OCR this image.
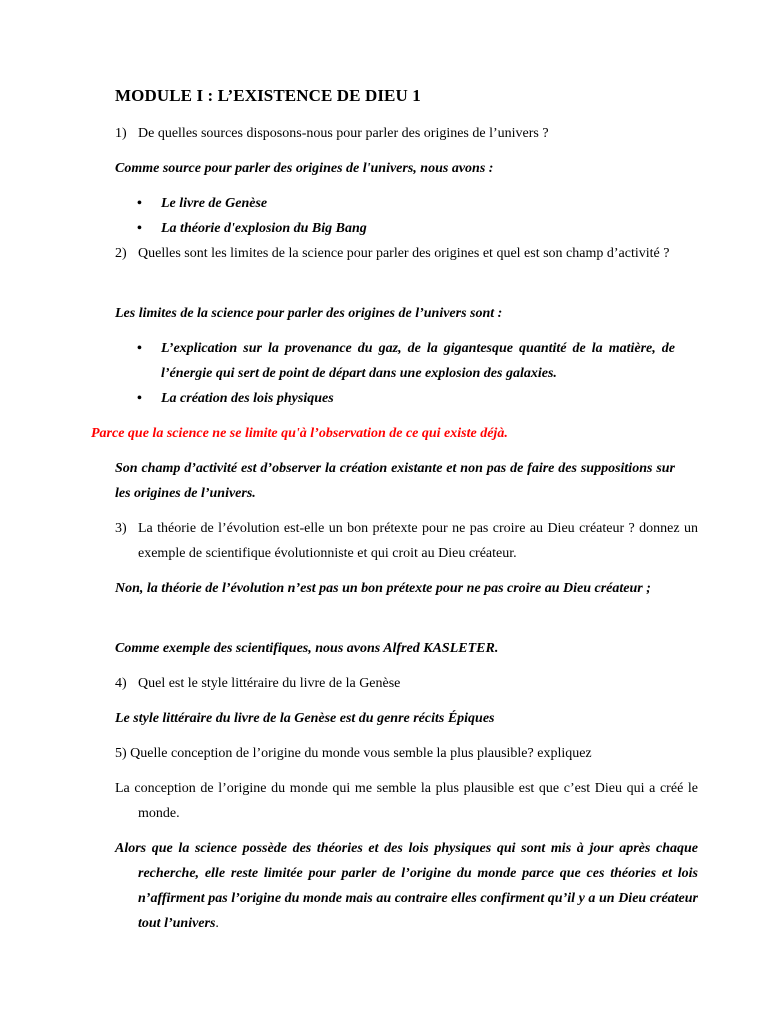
MODULE I : L’EXISTENCE DE DIEU 1

1) De quelles sources disposons-nous pour parler des origines de l’univers ?

Comme source pour parler des origines de l'univers, nous avons :

• Le livre de Genèse
• La théorie d'explosion du Big Bang

2) Quelles sont les limites de la science pour parler des origines et quel est son champ d’activité ?

Les limites de la science pour parler des origines de l’univers sont :

• L’explication sur la provenance du gaz, de la gigantesque quantité de la matière, de l’énergie qui sert de point de départ dans une explosion des galaxies.
• La création des lois physiques

Parce que la science ne se limite qu'à l’observation de ce qui existe déjà.

Son champ d’activité est d’observer la création existante et non pas de faire des suppositions sur les origines de l’univers.

3) La théorie de l’évolution est-elle un bon prétexte pour ne pas croire au Dieu créateur ? donnez un exemple de scientifique évolutionniste et qui croit au Dieu créateur.

Non, la théorie de l’évolution n’est pas un bon prétexte pour ne pas croire au Dieu créateur ;

Comme exemple des scientifiques, nous avons Alfred KASLETER.

4) Quel est le style littéraire du livre de la Genèse

Le style littéraire du livre de la Genèse est du genre récits Épiques

5) Quelle conception de l’origine du monde vous semble la plus plausible? expliquez

La conception de l’origine du monde qui me semble la plus plausible est que c’est Dieu qui a créé le monde.

Alors que la science possède des théories et des lois physiques qui sont mis à jour après chaque recherche, elle reste limitée pour parler de l’origine du monde parce que ces théories et lois n’affirment pas l’origine du monde mais au contraire elles confirment qu’il y a un Dieu créateur tout l’univers.
